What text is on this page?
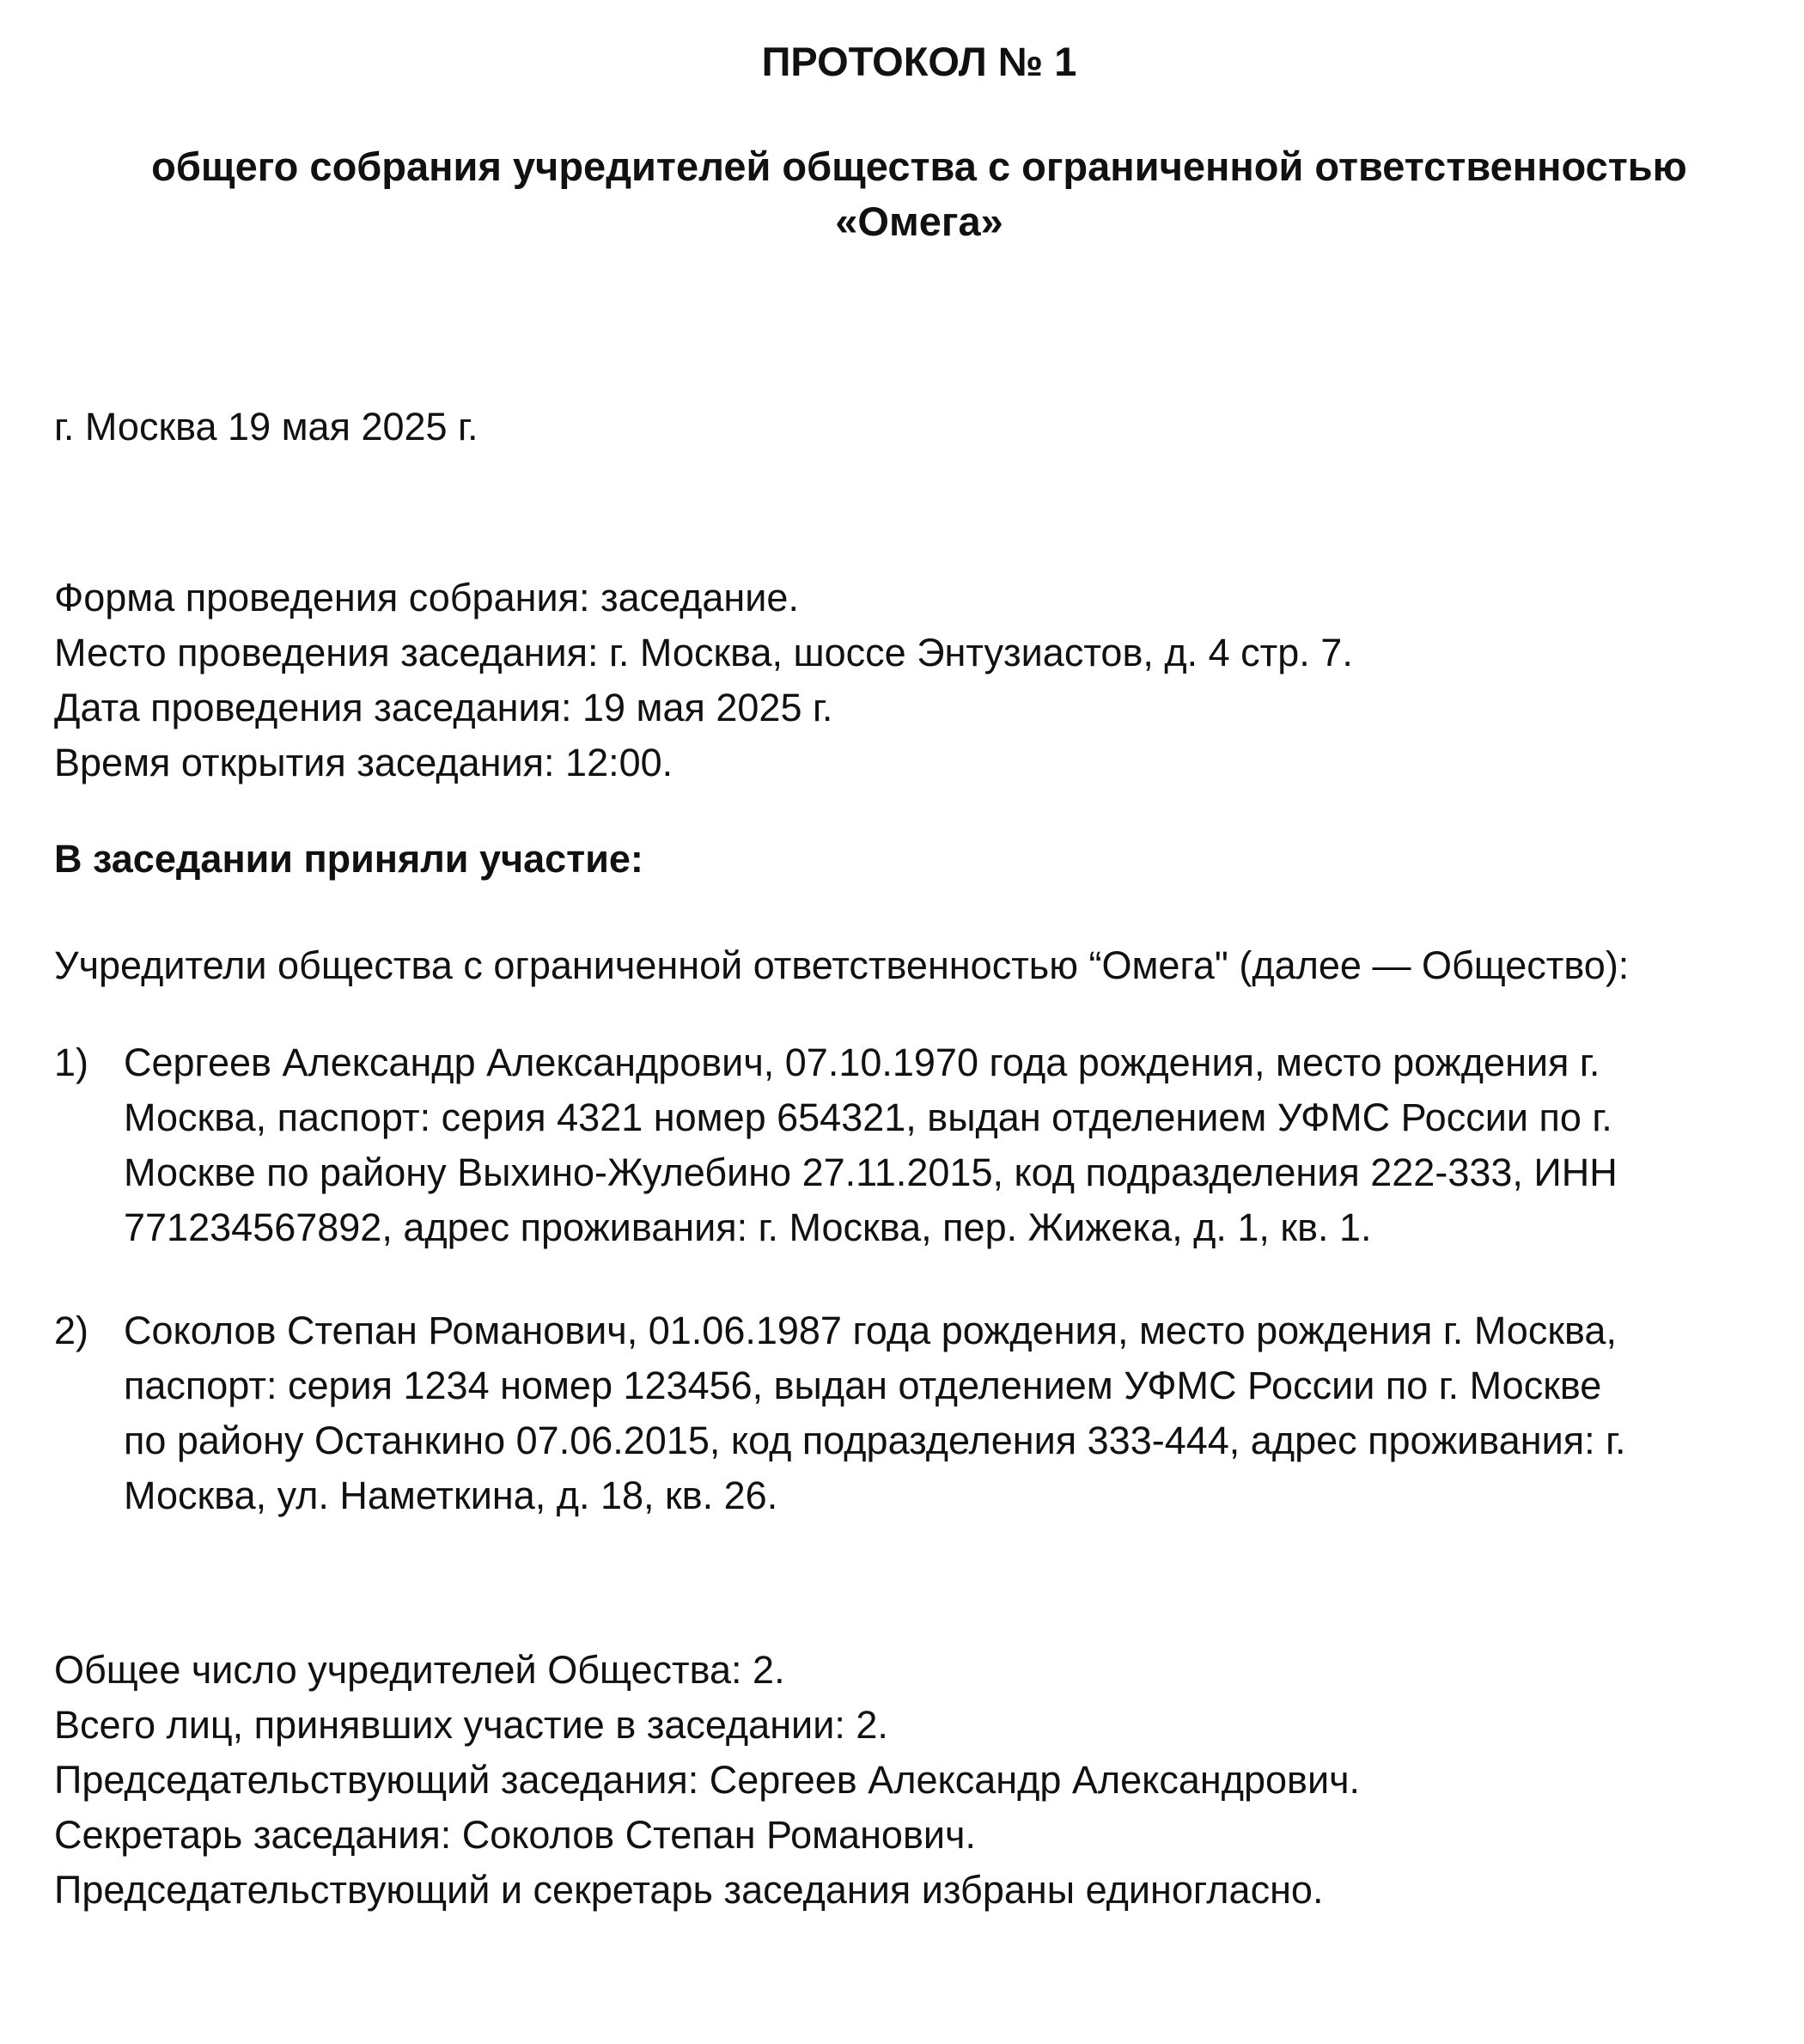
ПРОТОКОЛ № 1
общего собрания учредителей общества с ограниченной ответственностью
«Омега»

г. Москва 19 мая 2025 г.

Форма проведения собрания: заседание.

Место проведения заседания: г. Москва, шоссе Энтузиастов, д. 4 стр. 7.

Дата проведения заседания: 19 мая 2025 г.

Время открытия заседания: 12:00.

В заседании приняли участие:

Учредители общества с ограниченной ответственностью “Омега" (далее — Общество):

1) Сергеев Александр Александрович, 07.10.1970 года рождения, место рождения г.
Москва, паспорт: серия 4321 номер 654321, выдан отделением УФМС России по г.
Москве по району Выхино-Жулебино 27.11.2015, код подразделения 222-333, ИНН
771234567892, адрес проживания: г. Москва, пер. Жижека, д. 1, кв. 1.
2) Соколов Степан Романович, 01.06.1987 года рождения, место рождения г. Москва,
паспорт: серия 1234 номер 123456, выдан отделением УФМС России по г. Москве
по району Останкино 07.06.2015, код подразделения 333-444, адрес проживания: г.
Москва, ул. Наметкина, д. 18, кв. 26.

Общее число учредителей Общества: 2.

Всего лиц, принявших участие в заседании: 2.

Председательствующий заседания: Сергеев Александр Александрович.

Секретарь заседания: Соколов Степан Романович.

Председательствующий и секретарь заседания избраны единогласно.
